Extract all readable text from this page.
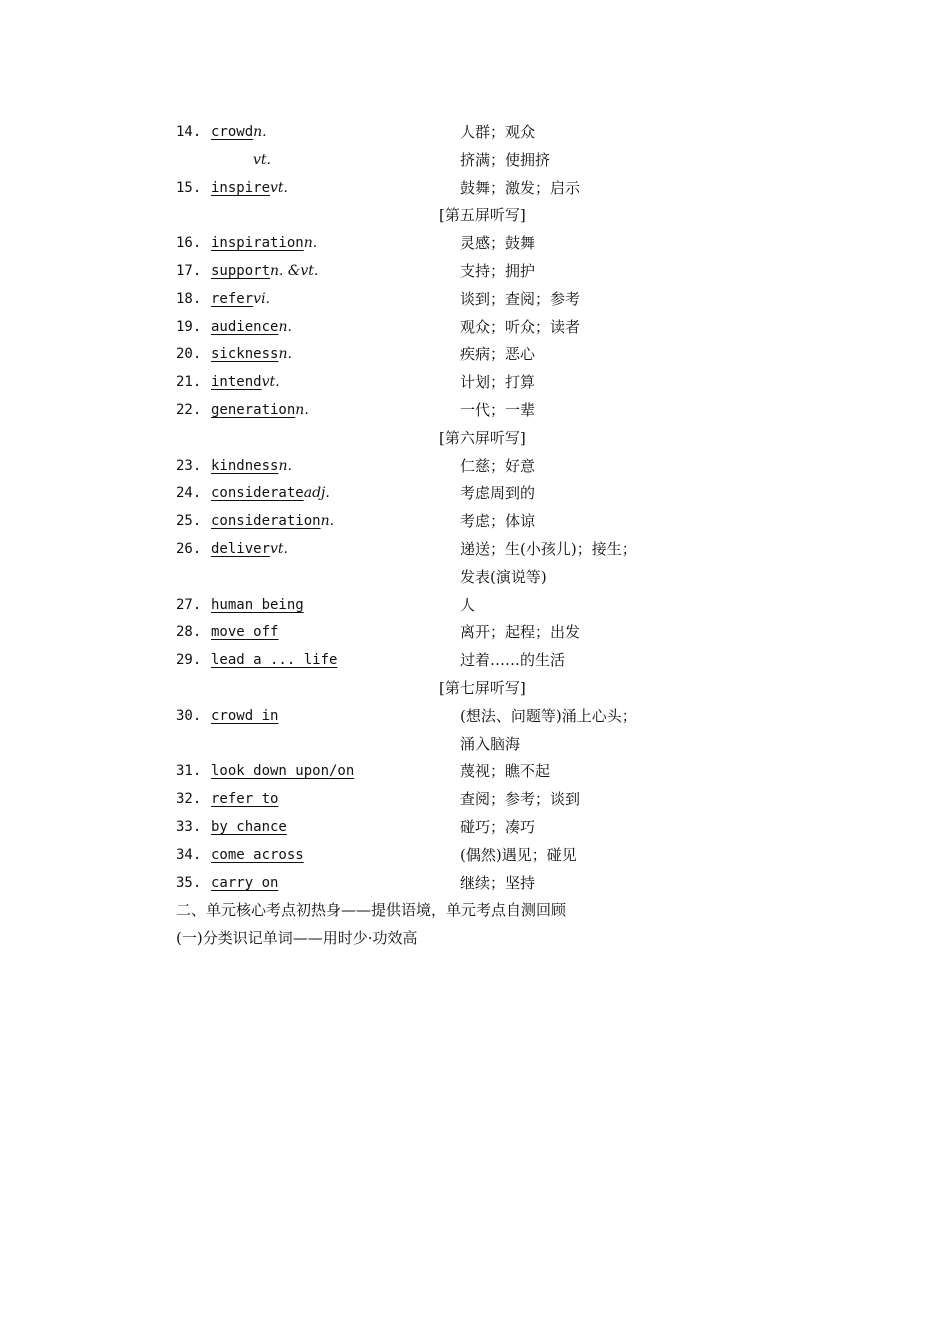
14. crowdn.	人群；观众
vt.	挤满；使拥挤
15. inspirevt.	鼓舞；激发；启示
[第五屏听写]
16. inspirationn.	灵感；鼓舞
17. supportn. &vt.	支持；拥护
18. refervi.	谈到；查阅；参考
19. audiencen.	观众；听众；读者
20. sicknessn.	疾病；恶心
21. intendvt.	计划；打算
22. generationn.	一代；一辈
[第六屏听写]
23. kindnessn.	仁慈；好意
24. considerateadj.	考虑周到的
25. considerationn.	考虑；体谅
26. delivervt.	递送；生(小孩儿)；接生；
发表(演说等)
27. human being	人
28. move off	离开；起程；出发
29. lead a ... life	过着……的生活
[第七屏听写]
30. crowd in	(想法、问题等)涌上心头；
涌入脑海
31. look down upon/on	蔑视；瞧不起
32. refer to	查阅；参考；谈到
33. by chance	碰巧；凑巧
34. come across	(偶然)遇见；碰见
35. carry on	继续；坚持
二、单元核心考点初热身——提供语境，单元考点自测回顾
(一)分类识记单词——用时少·功效高
